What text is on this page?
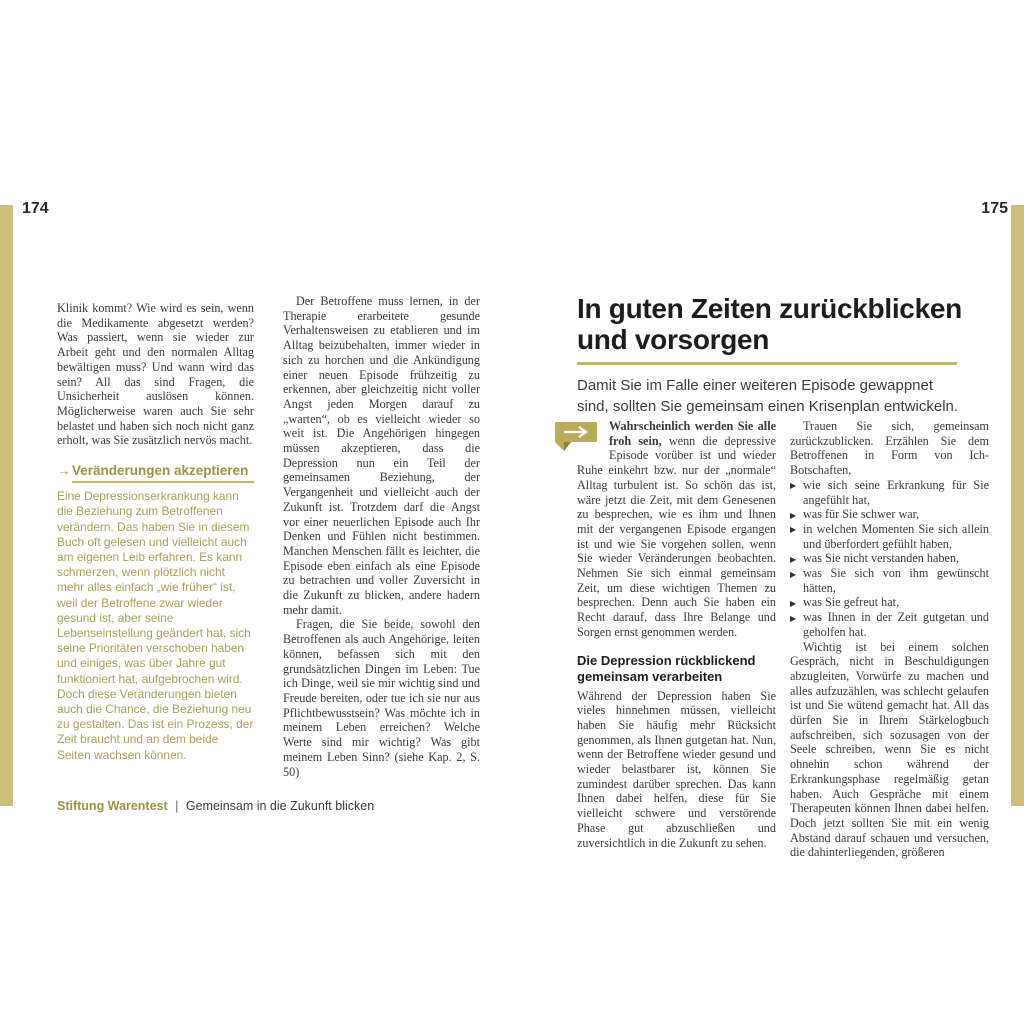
174	175

Klinik kommt? Wie wird es sein, wenn die Medikamente abgesetzt werden? Was passiert, wenn sie wieder zur Arbeit geht und den normalen Alltag bewältigen muss? Und wann wird das sein? All das sind Fragen, die Unsicherheit auslösen können. Möglicherweise waren auch Sie sehr belastet und haben sich noch nicht ganz erholt, was Sie zusätzlich nervös macht.

→ Veränderungen akzeptieren
Eine Depressionserkrankung kann die Beziehung zum Betroffenen verändern. Das haben Sie in diesem Buch oft gelesen und vielleicht auch am eigenen Leib erfahren. Es kann schmerzen, wenn plötzlich nicht mehr alles einfach „wie früher“ ist, weil der Betroffene zwar wieder gesund ist, aber seine Lebenseinstellung geändert hat, sich seine Prioritäten verschoben haben und einiges, was über Jahre gut funktioniert hat, aufgebrochen wird. Doch diese Veränderungen bieten auch die Chance, die Beziehung neu zu gestalten. Das ist ein Prozess, der Zeit braucht und an dem beide Seiten wachsen können.

Der Betroffene muss lernen, in der Therapie erarbeitete gesunde Verhaltensweisen zu etablieren und im Alltag beizubehalten, immer wieder in sich zu horchen und die Ankündigung einer neuen Episode frühzeitig zu erkennen, aber gleichzeitig nicht voller Angst jeden Morgen darauf zu „warten“, ob es vielleicht wieder so weit ist. Die Angehörigen hingegen müssen akzeptieren, dass die Depression nun ein Teil der gemeinsamen Beziehung, der Vergangenheit und vielleicht auch der Zukunft ist. Trotzdem darf die Angst vor einer neuerlichen Episode auch Ihr Denken und Fühlen nicht bestimmen. Manchen Menschen fällt es leichter, die Episode eben einfach als eine Episode zu betrachten und voller Zuversicht in die Zukunft zu blicken, andere hadern mehr damit.

Fragen, die Sie beide, sowohl den Betroffenen als auch Angehörige, leiten können, befassen sich mit den grundsätzlichen Dingen im Leben: Tue ich Dinge, weil sie mir wichtig sind und Freude bereiten, oder tue ich sie nur aus Pflichtbewusstsein? Was möchte ich in meinem Leben erreichen? Welche Werte sind mir wichtig? Was gibt meinem Leben Sinn? (siehe Kap. 2, S. 50)

Stiftung Warentest | Gemeinsam in die Zukunft blicken
In guten Zeiten zurückblicken
und vorsorgen
Damit Sie im Falle einer weiteren Episode gewappnet sind, sollten Sie gemeinsam einen Krisenplan entwickeln.

Wahrscheinlich werden Sie alle froh sein, wenn die depressive Episode vorüber ist und wieder Ruhe einkehrt bzw. nur der „normale“ Alltag turbulent ist. So schön das ist, wäre jetzt die Zeit, mit dem Genesenen zu besprechen, wie es ihm und Ihnen mit der vergangenen Episode ergangen ist und wie Sie vorgehen sollen, wenn Sie wieder Veränderungen beobachten. Nehmen Sie sich einmal gemeinsam Zeit, um diese wichtigen Themen zu besprechen. Denn auch Sie haben ein Recht darauf, dass Ihre Belange und Sorgen ernst genommen werden.

Die Depression rückblickend gemeinsam verarbeiten

Während der Depression haben Sie vieles hinnehmen müssen, vielleicht haben Sie häufig mehr Rücksicht genommen, als Ihnen gutgetan hat. Nun, wenn der Betroffene wieder gesund und wieder belastbarer ist, können Sie zumindest darüber sprechen. Das kann Ihnen dabei helfen, diese für Sie vielleicht schwere und verstörende Phase gut abzuschließen und zuversichtlich in die Zukunft zu sehen.

Trauen Sie sich, gemeinsam zurückzublicken. Erzählen Sie dem Betroffenen in Form von Ich-Botschaften,

▶ wie sich seine Erkrankung für Sie angefühlt hat,
▶ was für Sie schwer war,
▶ in welchen Momenten Sie sich allein und überfordert gefühlt haben,
▶ was Sie nicht verstanden haben,
▶ was Sie sich von ihm gewünscht hätten,
▶ was Sie gefreut hat,
▶ was Ihnen in der Zeit gutgetan und geholfen hat.

Wichtig ist bei einem solchen Gespräch, nicht in Beschuldigungen abzugleiten, Vorwürfe zu machen und alles aufzuzählen, was schlecht gelaufen ist und Sie wütend gemacht hat. All das dürfen Sie in Ihrem Stärkelogbuch aufschreiben, sich sozusagen von der Seele schreiben, wenn Sie es nicht ohnehin schon während der Erkrankungsphase regelmäßig getan haben. Auch Gespräche mit einem Therapeuten können Ihnen dabei helfen. Doch jetzt sollten Sie mit ein wenig Abstand darauf schauen und versuchen, die dahinterliegenden, größeren
